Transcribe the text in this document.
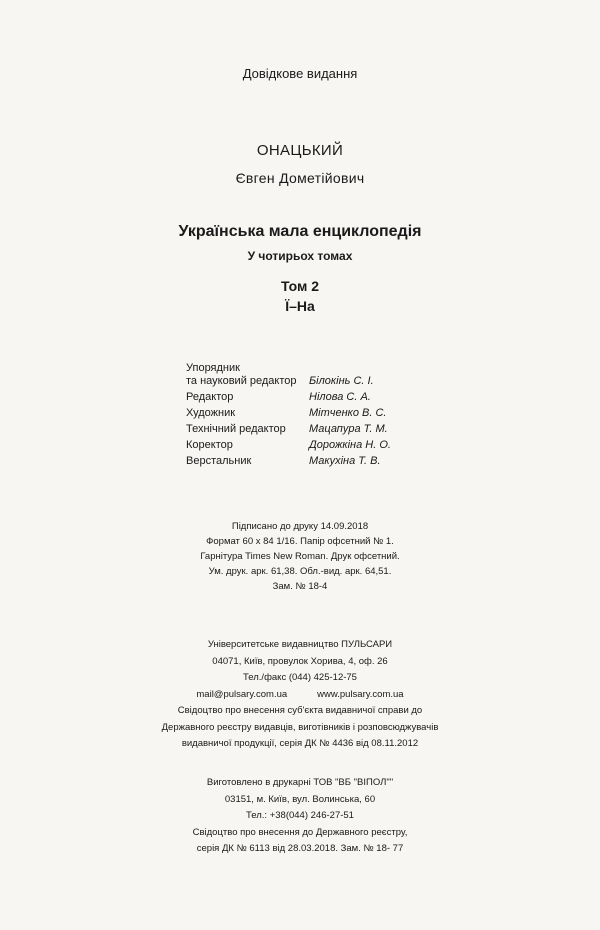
Довідкове видання
ОНАЦЬКИЙ
Євген Дометійович
Українська мала енциклопедія
У чотирьох томах
Том 2
Ї–На
Упорядник
та науковий редактор Білокінь С. І.
Редактор	Нілова С. А.
Художник	Мітченко В. С.
Технічний редактор Мацапура Т. М.
Коректор	Дорожкіна Н. О.
Верстальник	Макухіна Т. В.
Підписано до друку 14.09.2018
Формат 60 x 84 1/16. Папір офсетний № 1.
Гарнітура Times New Roman. Друк офсетний.
Ум. друк. арк. 61,38. Обл.-вид. арк. 64,51.
Зам. № 18-4
Університетське видавництво ПУЛЬСАРИ
04071, Київ, провулок Хорива, 4, оф. 26
Тел./факс (044) 425-12-75
mail@pulsary.com.ua	www.pulsary.com.ua
Свідоцтво про внесення суб'єкта видавничої справи до
Державного реєстру видавців, виготівників і розповсюджувачів
видавничої продукції, серія ДК № 4436 від 08.11.2012
Виготовлено в друкарні ТОВ "ВБ "ВІПОЛ""
03151, м. Київ, вул. Волинська, 60
Тел.: +38(044) 246-27-51
Свідоцтво про внесення до Державного реєстру,
серія ДК № 6113 від 28.03.2018. Зам. № 18- 77
